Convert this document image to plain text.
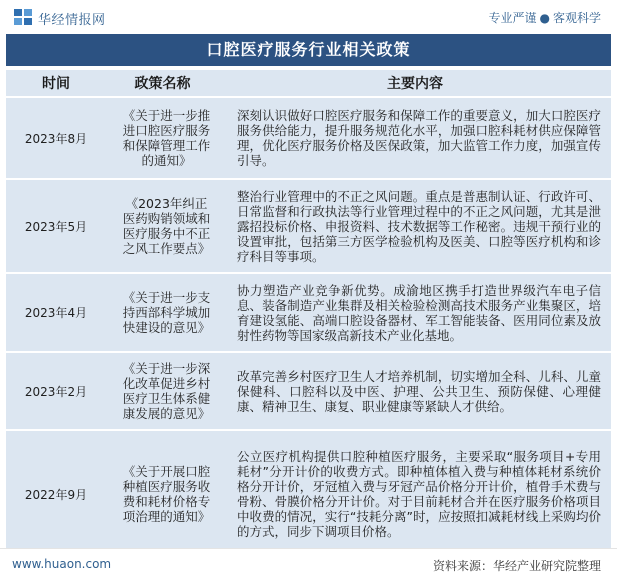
华经情报网	专业严谨 ● 客观科学
口腔医疗服务行业相关政策
时间	政策名称	主要内容
2023年8月	《关于进一步推进口腔医疗服务和保障管理工作的通知》	深刻认识做好口腔医疗服务和保障工作的重要意义，加大口腔医疗服务供给能力，提升服务规范化水平，加强口腔科耗材供应保障管理，优化医疗服务价格及医保政策，加大监管工作力度，加强宣传引导。
2023年5月	《2023年纠正医药购销领域和医疗服务中不正之风工作要点》	整治行业管理中的不正之风问题。重点是普惠制认证、行政许可、日常监督和行政执法等行业管理过程中的不正之风问题，尤其是泄露招投标价格、申报资料、技术数据等工作秘密。违规干预行业的设置审批，包括第三方医学检验机构及医美、口腔等医疗机构和诊疗科目等事项。
2023年4月	《关于进一步支持西部科学城加快建设的意见》	协力塑造产业竞争新优势。成渝地区携手打造世界级汽车电子信息、装备制造产业集群及相关检验检测高技术服务产业集聚区，培育建设氢能、高端口腔设备器材、军工智能装备、医用同位素及放射性药物等国家级高新技术产业化基地。
2023年2月	《关于进一步深化改革促进乡村医疗卫生体系健康发展的意见》	改革完善乡村医疗卫生人才培养机制，切实增加全科、儿科、儿童保健科、口腔科以及中医、护理、公共卫生、预防保健、心理健康、精神卫生、康复、职业健康等紧缺人才供给。
2022年9月	《关于开展口腔种植医疗服务收费和耗材价格专项治理的通知》	公立医疗机构提供口腔种植医疗服务，主要采取“服务项目+专用耗材”分开计价的收费方式。即种植体植入费与种植体耗材系统价格分开计价，牙冠植入费与牙冠产品价格分开计价，植骨手术费与骨粉、骨膜价格分开计价。对于目前耗材合并在医疗服务价格项目中收费的情况，实行“技耗分离”时，应按照扣减耗材线上采购均价的方式，同步下调项目价格。
www.huaon.com	资料来源：华经产业研究院整理
